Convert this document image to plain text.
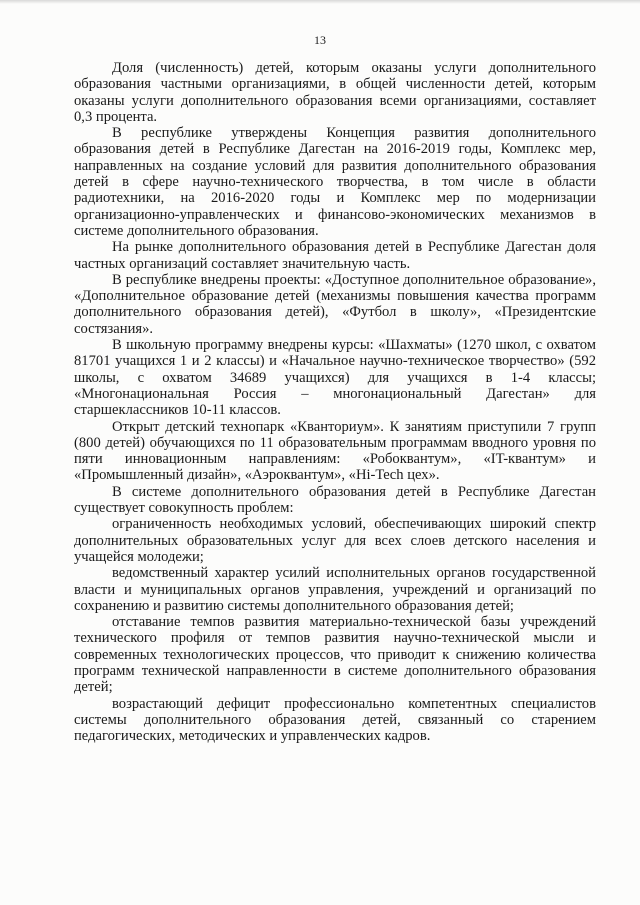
13

Доля (численность) детей, которым оказаны услуги дополнительного образования частными организациями, в общей численности детей, которым оказаны услуги дополнительного образования всеми организациями, составляет 0,3 процента.

В республике утверждены Концепция развития дополнительного образования детей в Республике Дагестан на 2016-2019 годы, Комплекс мер, направленных на создание условий для развития дополнительного образования детей в сфере научно-технического творчества, в том числе в области радиотехники, на 2016-2020 годы и Комплекс мер по модернизации организационно-управленческих и финансово-экономических механизмов в системе дополнительного образования.

На рынке дополнительного образования детей в Республике Дагестан доля частных организаций составляет значительную часть.

В республике внедрены проекты: «Доступное дополнительное образование», «Дополнительное образование детей (механизмы повышения качества программ дополнительного образования детей), «Футбол в школу», «Президентские состязания».

В школьную программу внедрены курсы: «Шахматы» (1270 школ, с охватом 81701 учащихся 1 и 2 классы) и «Начальное научно-техническое творчество» (592 школы, с охватом 34689 учащихся) для учащихся в 1-4 классы; «Многонациональная Россия – многонациональный Дагестан» для старшеклассников 10-11 классов.

Открыт детский технопарк «Кванториум». К занятиям приступили 7 групп (800 детей) обучающихся по 11 образовательным программам вводного уровня по пяти инновационным направлениям: «Робоквантум», «IT-квантум» и «Промышленный дизайн», «Аэроквантум», «Hi-Tech цех».

В системе дополнительного образования детей в Республике Дагестан существует совокупность проблем:

ограниченность необходимых условий, обеспечивающих широкий спектр дополнительных образовательных услуг для всех слоев детского населения и учащейся молодежи;

ведомственный характер усилий исполнительных органов государственной власти и муниципальных органов управления, учреждений и организаций по сохранению и развитию системы дополнительного образования детей;

отставание темпов развития материально-технической базы учреждений технического профиля от темпов развития научно-технической мысли и современных технологических процессов, что приводит к снижению количества программ технической направленности в системе дополнительного образования детей;

возрастающий дефицит профессионально компетентных специалистов системы дополнительного образования детей, связанный со старением педагогических, методических и управленческих кадров.
